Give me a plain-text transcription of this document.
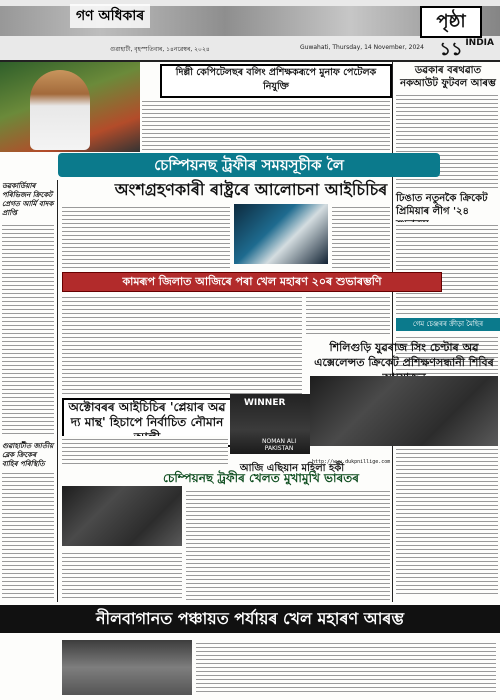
গণ অধিকাৰ	পৃষ্ঠা ১১ INDIA
গুৱাহাটী, বৃহস্পতিবাৰ, ১৪নৱেম্বৰ, ২০২৪	Guwahati, Thursday, 14 November, 2024
দিল্লী কেপিটেলছৰ বলিং প্ৰশিক্ষকৰূপে মুনাফ পেটেলক নিযুক্তি
ডৱকাৰ বৰথৱাত নকআউট ফুটবল আৰম্ভ
ঢিঙাত নতুনকৈ ক্ৰিকেট প্ৰিমিয়াৰ লীগ '২৪
গেম চেঞ্জৰৰ ক্ৰীড়া মৈছিৰ
চেম্পিয়নছ ট্ৰফীৰ সময়সূচীক লৈ
অংশগ্ৰহণকাৰী ৰাষ্ট্ৰৰে আলোচনা আইচিচিৰ
ডৱকাৰ্ডিয়াৰ পৰিভিজন ক্ৰিকেট প্ৰেগত আৰ্মি বাদক প্ৰাপ্তি
গুৱাহাটীত জাতীয় ব্লেক ক্ৰিকেৰ বাহিৰ পৰিস্থিতি
কামৰূপ জিলাত আজিৰে পৰা খেল মহাৰণ ২০ৰ শুভাৰম্ভণি
অক্টোবৰৰ আইচিচিৰ 'প্লেয়াৰ অৱ দ্য মান্থ' হিচাপে নিৰ্বাচিত নৌমান
WINNER
NOMAN ALI
PAKISTAN
শিলিগুড়ি যুৱৰাজ সিং চেণ্টাৰ অৱ এক্সেলেন্সত ক্ৰিকেট প্ৰশিক্ষণসন্ধানী শিবিৰ
http://www.dukpnillige.com
আজি এছিয়ান মহিলা হকী
চেম্পিয়নছ ট্ৰফীৰ খেলত মুখামুখি ভাৰতৰ
নীলবাগানত পঞ্চায়ত পৰ্যায়ৰ খেল মহাৰণ আৰম্ভ
